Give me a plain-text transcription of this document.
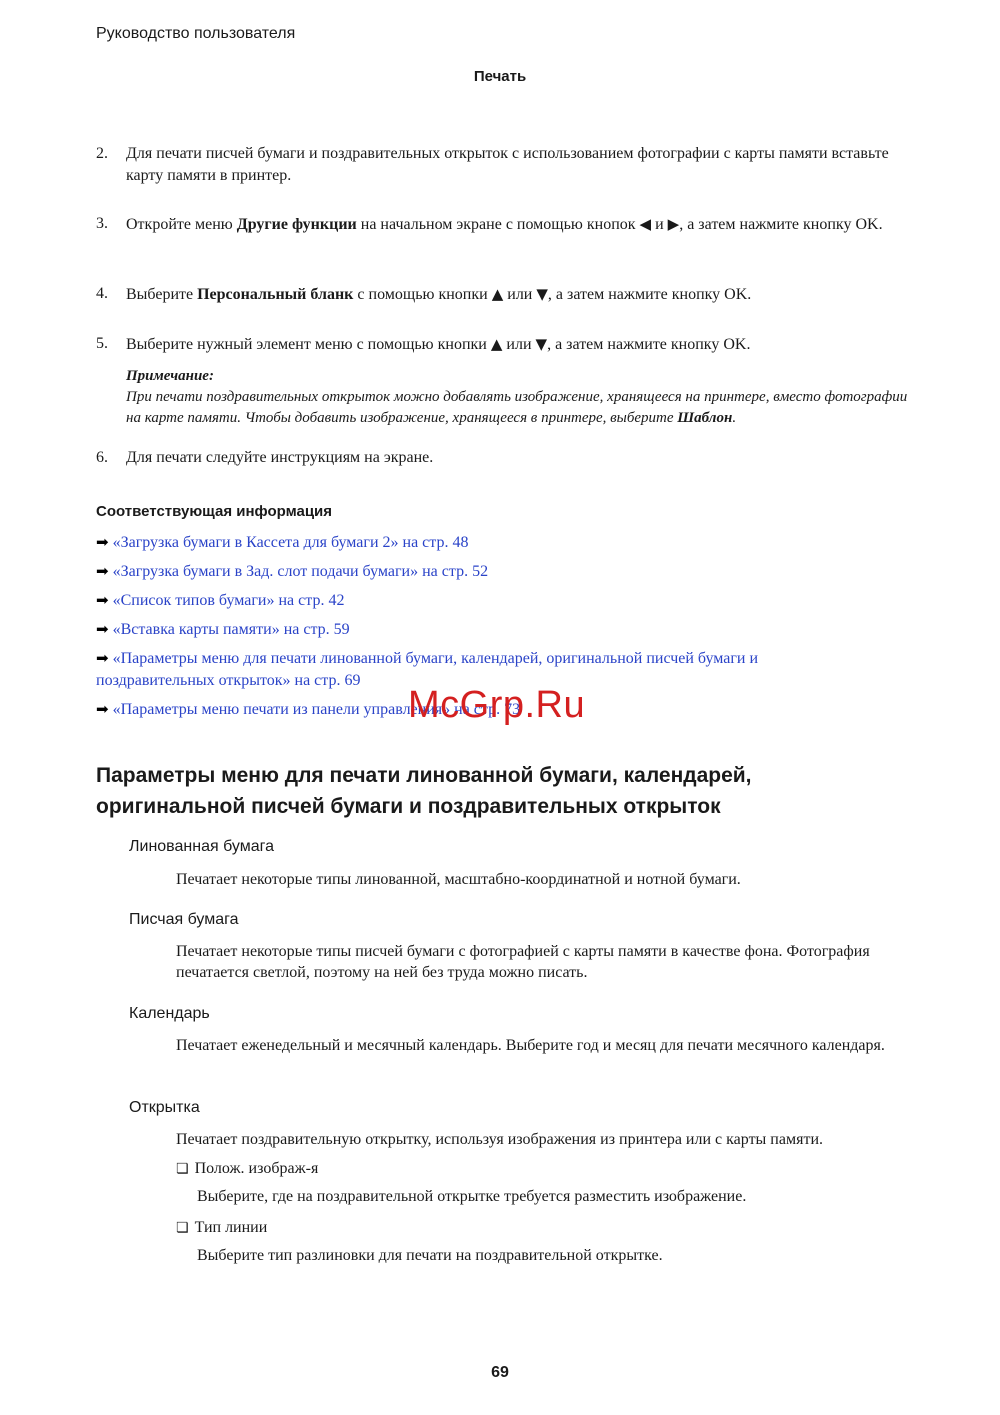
Руководство пользователя
Печать
2.	Для печати писчей бумаги и поздравительных открыток с использованием фотографии с карты памяти вставьте карту памяти в принтер.
3.	Откройте меню Другие функции на начальном экране с помощью кнопок ◀ и ▶, а затем нажмите кнопку OK.
4.	Выберите Персональный бланк с помощью кнопки ▲ или ▼, а затем нажмите кнопку OK.
5.	Выберите нужный элемент меню с помощью кнопки ▲ или ▼, а затем нажмите кнопку OK.
Примечание:
При печати поздравительных открыток можно добавлять изображение, хранящееся на принтере, вместо фотографии на карте памяти. Чтобы добавить изображение, хранящееся в принтере, выберите Шаблон.
6.	Для печати следуйте инструкциям на экране.
Соответствующая информация
➡ «Загрузка бумаги в Кассета для бумаги 2» на стр. 48
➡ «Загрузка бумаги в Зад. слот подачи бумаги» на стр. 52
➡ «Список типов бумаги» на стр. 42
➡ «Вставка карты памяти» на стр. 59
➡ «Параметры меню для печати линованной бумаги, календарей, оригинальной писчей бумаги и поздравительных открыток» на стр. 69
➡ «Параметры меню печати из панели управления» на стр. 73
McGrp.Ru
Параметры меню для печати линованной бумаги, календарей, оригинальной писчей бумаги и поздравительных открыток
Линованная бумага
Печатает некоторые типы линованной, масштабно-координатной и нотной бумаги.
Писчая бумага
Печатает некоторые типы писчей бумаги с фотографией с карты памяти в качестве фона. Фотография печатается светлой, поэтому на ней без труда можно писать.
Календарь
Печатает еженедельный и месячный календарь. Выберите год и месяц для печати месячного календаря.
Открытка
Печатает поздравительную открытку, используя изображения из принтера или с карты памяти.
❏ Полож. изображ-я
Выберите, где на поздравительной открытке требуется разместить изображение.
❏ Тип линии
Выберите тип разлиновки для печати на поздравительной открытке.
69
